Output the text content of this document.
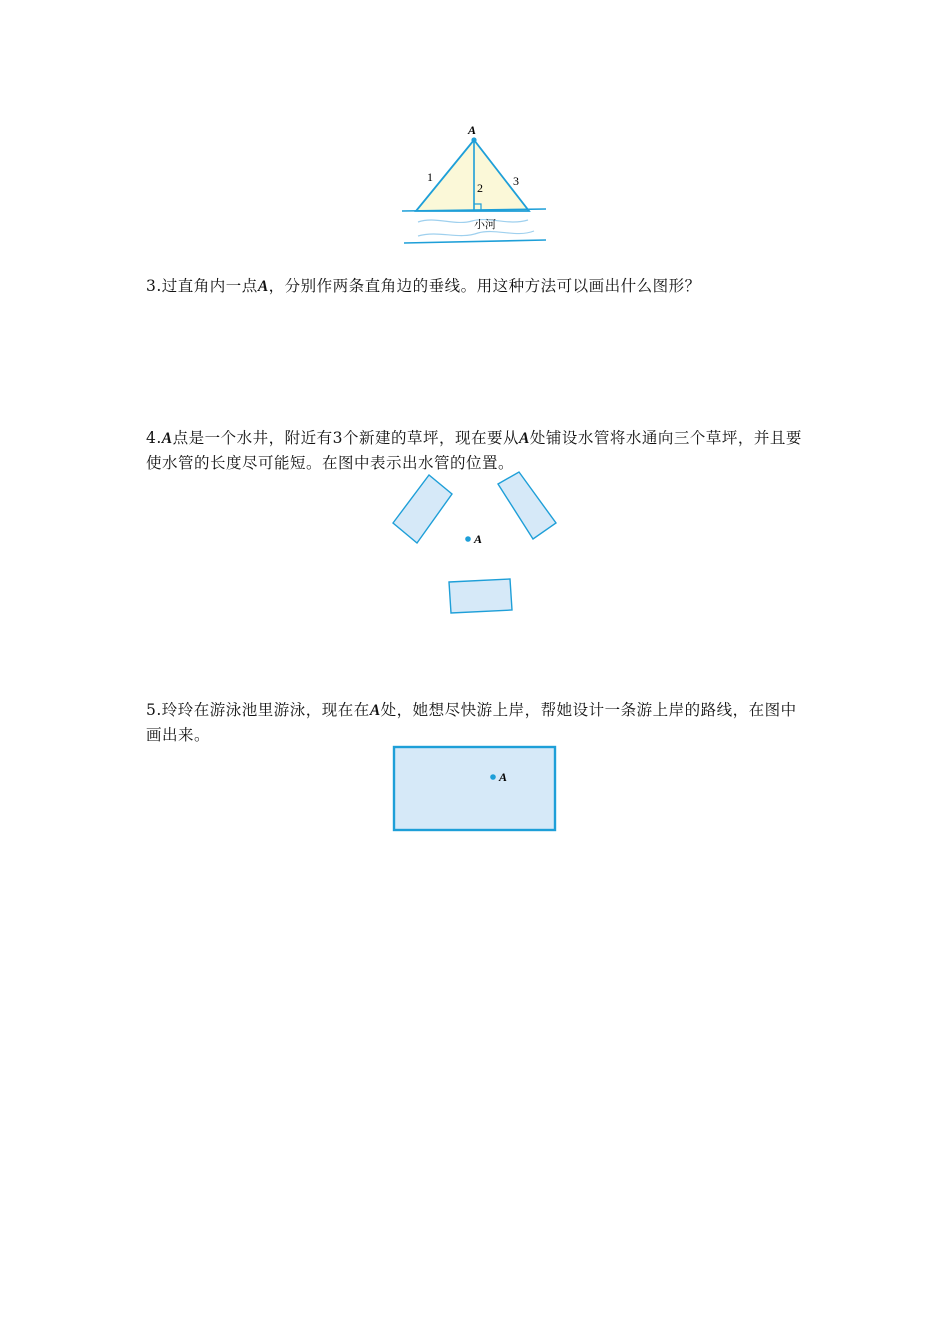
A
1
2	3
小河
3.过直角内一点A，分别作两条直角边的垂线。用这种方法可以画出什么图形？
4.A点是一个水井，附近有3个新建的草坪，现在要从A处铺设水管将水通向三个草坪，并且要使水管的长度尽可能短。在图中表示出水管的位置。
A
5.玲玲在游泳池里游泳，现在在A处，她想尽快游上岸，帮她设计一条游上岸的路线，在图中画出来。
A
